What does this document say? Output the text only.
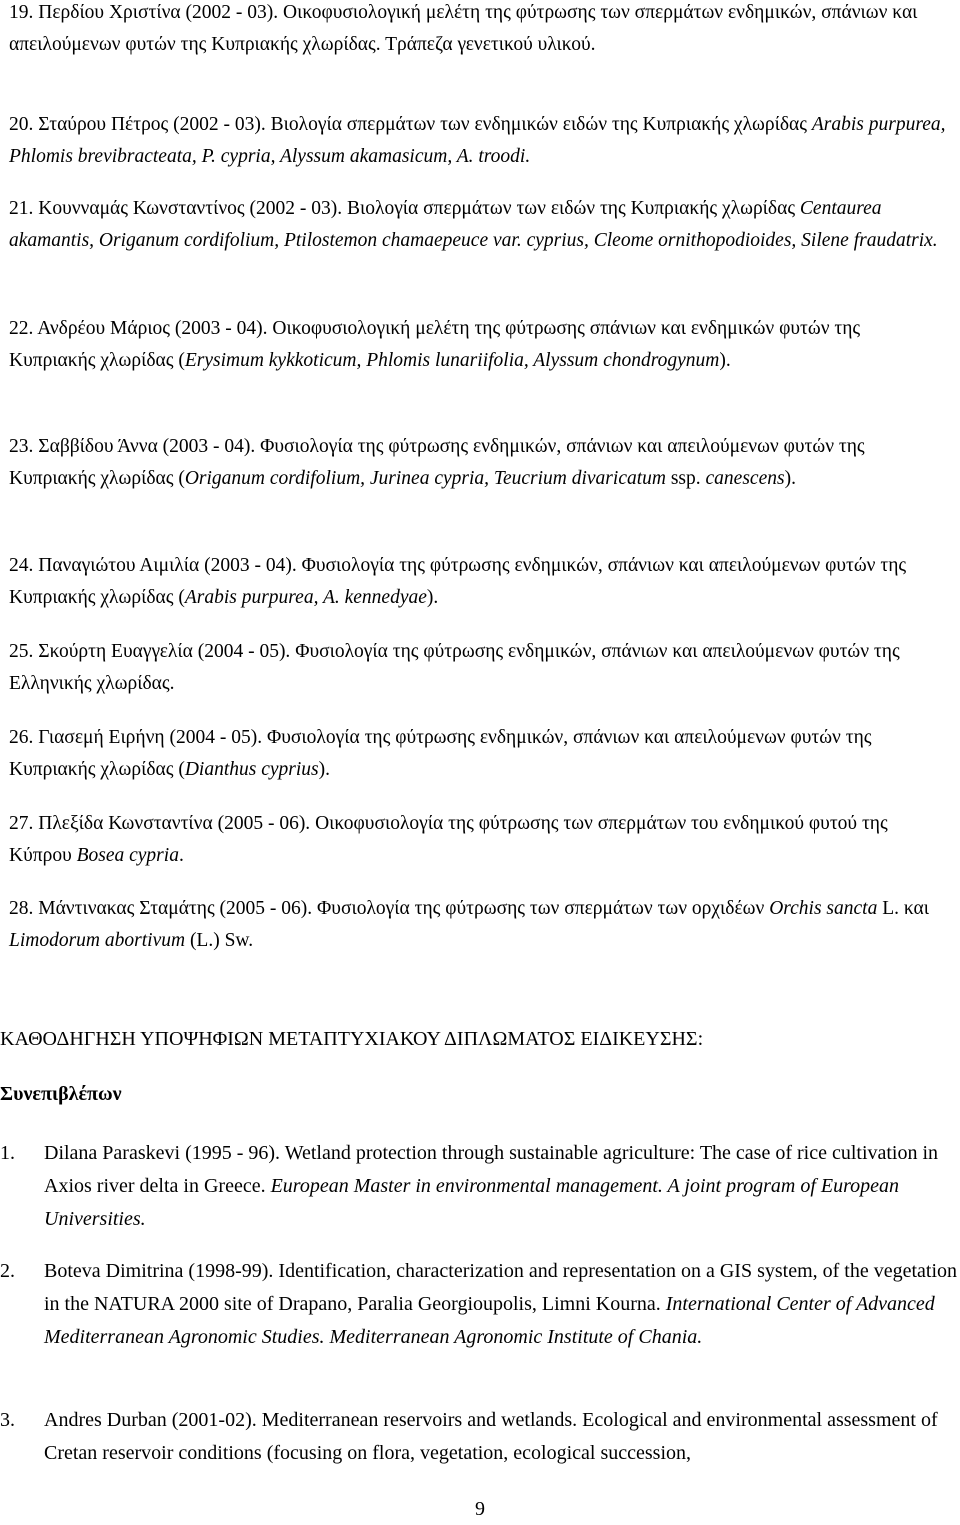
19. Περδίου Χριστίνα (2002 - 03). Οικοφυσιολογική μελέτη της φύτρωσης των σπερμάτων ενδημικών, σπάνιων και απειλούμενων φυτών της Κυπριακής χλωρίδας. Τράπεζα γενετικού υλικού.

20. Σταύρου Πέτρος (2002 - 03). Βιολογία σπερμάτων των ενδημικών ειδών της Κυπριακής χλωρίδας Arabis purpurea, Phlomis brevibracteata, P. cypria, Alyssum akamasicum, A. troodi.

21. Κουνναμάς Κωνσταντίνος (2002 - 03). Βιολογία σπερμάτων των ειδών της Κυπριακής χλωρίδας Centaurea akamantis, Origanum cordifolium, Ptilostemon chamaepeuce var. cyprius, Cleome ornithopodioides, Silene fraudatrix.

22. Ανδρέου Μάριος (2003 - 04). Οικοφυσιολογική μελέτη της φύτρωσης σπάνιων και ενδημικών φυτών της Κυπριακής χλωρίδας (Erysimum kykkoticum, Phlomis lunariifolia, Alyssum chondrogynum).

23. Σαββίδου Άννα (2003 - 04). Φυσιολογία της φύτρωσης ενδημικών, σπάνιων και απειλούμενων φυτών της Κυπριακής χλωρίδας (Origanum cordifolium, Jurinea cypria, Teucrium divaricatum ssp. canescens).

24. Παναγιώτου Αιμιλία (2003 - 04). Φυσιολογία της φύτρωσης ενδημικών, σπάνιων και απειλούμενων φυτών της Κυπριακής χλωρίδας (Arabis purpurea, A. kennedyae).

25. Σκούρτη Ευαγγελία (2004 - 05). Φυσιολογία της φύτρωσης ενδημικών, σπάνιων και απειλούμενων φυτών της Ελληνικής χλωρίδας.

26. Γιασεμή Ειρήνη (2004 - 05). Φυσιολογία της φύτρωσης ενδημικών, σπάνιων και απειλούμενων φυτών της Κυπριακής χλωρίδας (Dianthus cyprius).

27. Πλεξίδα Κωνσταντίνα (2005 - 06). Οικοφυσιολογία της φύτρωσης των σπερμάτων του ενδημικού φυτού της Κύπρου Bosea cypria.

28. Μάντινακας Σταμάτης (2005 - 06). Φυσιολογία της φύτρωσης των σπερμάτων των ορχιδέων Orchis sancta L. και Limodorum abortivum (L.) Sw.

ΚΑΘΟΔΗΓΗΣΗ ΥΠΟΨΗΦΙΩΝ ΜΕΤΑΠΤΥΧΙΑΚΟΥ ΔΙΠΛΩΜΑΤΟΣ ΕΙΔΙΚΕΥΣΗΣ:
Συνεπιβλέπων
1. Dilana Paraskevi (1995 - 96). Wetland protection through sustainable agriculture: The case of rice cultivation in Axios river delta in Greece. European Master in environmental management. A joint program of European Universities.
2. Boteva Dimitrina (1998-99). Identification, characterization and representation on a GIS system, of the vegetation in the NATURA 2000 site of Drapano, Paralia Georgioupolis, Limni Kourna. International Center of Advanced Mediterranean Agronomic Studies. Mediterranean Agronomic Institute of Chania.
3. Andres Durban (2001-02). Mediterranean reservoirs and wetlands. Ecological and environmental assessment of Cretan reservoir conditions (focusing on flora, vegetation, ecological succession,
9
